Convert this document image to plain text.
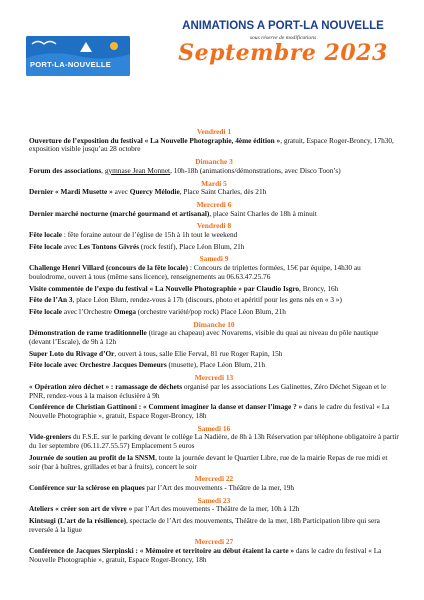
PORT-LA-NOUVELLE
ANIMATIONS A PORT-LA NOUVELLE
sous réserve de modifications
Septembre 2023
Vendredi 1
Ouverture de l’exposition du festival « La Nouvelle Photographie, 4ème édition », gratuit, Espace Roger-Broncy, 17h30, exposition visible jusqu’au 28 octobre
Dimanche 3
Forum des associations, gymnase Jean Monnet, 10h-18h (animations/démonstrations, avec Disco Toon’s)
Mardi 5
Dernier « Mardi Musette » avec Quercy Mélodie, Place Saint Charles, dès 21h
Mercredi 6
Dernier marché nocturne (marché gourmand et artisanal), place Saint Charles de 18h à minuit
Vendredi 8
Fête locale : fête foraine autour de l’église de 15h à 1h tout le weekend
Fête locale avec Les Tontons Givrés (rock festif), Place Léon Blum, 21h
Samedi 9
Challenge Henri Villard (concours de la fête locale) : Concours de triplettes formées, 15€ par équipe, 14h30 au boulodrome, ouvert à tous (même sans licence), renseignements au 06.63.47.25.76
Visite commentée de l’expo du festival « La Nouvelle Photographie » par Claudio Isgro, Broncy, 16h
Fête de l’An 3, place Léon Blum, rendez-vous à 17h (discours, photo et apéritif pour les gens nés en « 3 »)
Fête locale avec l’Orchestre Omega (orchestre variété/pop rock) Place Léon Blum, 21h
Dimanche 10
Démonstration de rame traditionnelle (tirage au chapeau) avec Novarems, visible du quai au niveau du pôle nautique (devant l’Escale), de 9h à 12h
Super Loto du Rivage d’Or, ouvert à tous, salle Elie Ferval, 81 rue Roger Rapin, 15h
Fête locale avec Orchestre Jacques Demeurs (musette), Place Léon Blum, 21h
Mercredi 13
« Opération zéro déchet » : ramassage de déchets organisé par les associations Les Galinettes, Zéro Déchet Sigean et le PNR, rendez-vous à la maison éclusière à 9h
Conférence de Christian Gattinoni : « Comment imaginer la danse et danser l’image ? » dans le cadre du festival « La Nouvelle Photographie », gratuit, Espace Roger-Broncy, 18h
Samedi 16
Vide-greniers du F.S.E. sur le parking devant le collège La Nadière, de 8h à 13h Réservation par téléphone obligatoire à partir du 1er septembre (06.11.27.55.57) Emplacement 5 euros
Journée de soutien au profit de la SNSM, toute la journée devant le Quartier Libre, rue de la mairie Repas de rue midi et soir (bar à huîtres, grillades et bar à fruits), concert le soir
Mercredi 22
Conférence sur la sclérose en plaques par l’Art des mouvements - Théâtre de la mer, 19h
Samedi 23
Ateliers « créer son art de vivre » par l’Art des mouvements - Théâtre de la mer, 10h à 12h
Kintsugi (L’art de la résilience), spectacle de l’Art des mouvements, Théâtre de la mer, 18h Participation libre qui sera reversée à la ligue
Mercredi 27
Conférence de Jacques Sierpinski : « Mémoire et territoire au début étaient la carte » dans le cadre du festival « La Nouvelle Photographie », gratuit, Espace Roger-Broncy, 18h
